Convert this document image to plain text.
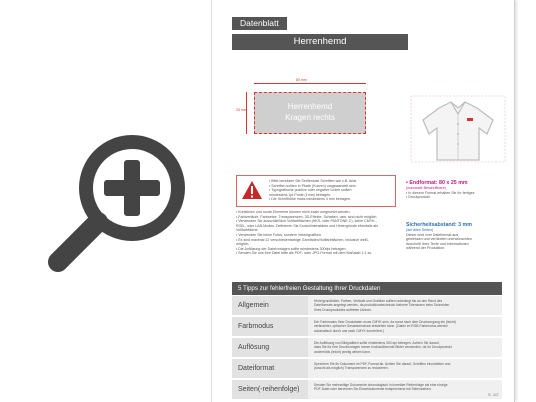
Datenblatt
Herrenhemd
80 mm
25 mm	Herrenhemd
Kragen rechts
• Bitte benutzen Sie Serifenlose Schriften wie z.B. Arial
• Schriften sollten in Pfade (Kurven) umgewandelt sein
• Typografische positive oder negative Linien sollten
mindestens 1pt Punkt (1mm) betragen.
• Die Schrifthöhe muss mindestens 4 mm betragen.
• Kreislinien und runde Elemente können nicht exakt umgesetzt werden.
• Farbverläufe, Farbnetze, Transparenzen, 3D-Effekte, Schatten, usw. sind nicht möglich.
• Verwenden Sie ausschließlich Vollfarbflächen (HKS- oder PANTONE-C), keine CMYK-,
RGB-, oder LAB-Modes. Definieren Sie Konturlinienstärke und Hintergründe ebenfalls als
Vollfarbfläche.
• Verwenden Sie keine Fotos, sondern Vektorgrafiken.
• Es sind maximal 12 verschiedenfarbige Garnfäden/Vollfarbflächen, inklusive weiß,
möglich.
• Die Auflösung der Dateivorlagen sollte mindestens 300dpi betragen.
• Senden Sie uns Ihre Datei bitte als PDF- oder JPG-Format mit dem Maßstab 1:1 zu.
• Endformat: 80 x 25 mm
(maximale Beschriftbare)
• In diesem Format erhalten Sie Ihr fertiges
• Druckprodukt.
Sicherheitsabstand: 3 mm
(auf allen Seiten)
Dieser wird vom Dateiformat aus
gemessen und verhindert unerwünschten
Anschnitt Ihrer Texte und Informationen
während der Produktion.
5 Tipps zur fehlerfreien Gestaltung Ihrer Druckdaten
Allgemein
Hintergrundbilder, Farben, Verläufe und Grafiken sollten unbedingt bis an den Rand des
Dateiformats angelegt werden, da produktionstechnisch kleinere Toleranzen beim Schneiden
Ihres Druckproduktes auftreten können.
Farbmodus
Der Farbmodus Ihrer Druckdaten muss CMYK sein, da sonst nach dem Druckvorgang ein (leicht)
veränderter, optischer Gesamteindruck entstehen kann. (Daten im RGB-Farbmodus werden
automatisch durch uns nach CMYK konvertiert.)
Auflösung
Die Auflösung von Bildgrafiken sollte mindestens 300 dpi betragen. Achten Sie darauf,
dass Sie für Ihre Druckvorlagen immer hochauflösende Bilder verwenden, da Ihr Druckprodukt
andernfalls (leicht) pixelig wirken kann.
Dateiformat
Speichern Sie Ihr Dokument im PDF-Format ab. Achten Sie darauf, Schriften einzubetten und
(sowohl als möglich) Transparenzen zu reduzieren.
Seiten(-reihenfolge)
Senden Sie mehrseitige Dokumente chronologisch in korrekter Reihenfolge als eine einzige
PDF-Datei oder benennen Sie Einzeldokumente entsprechend mit Seitenzahlen.
S. 1/2
